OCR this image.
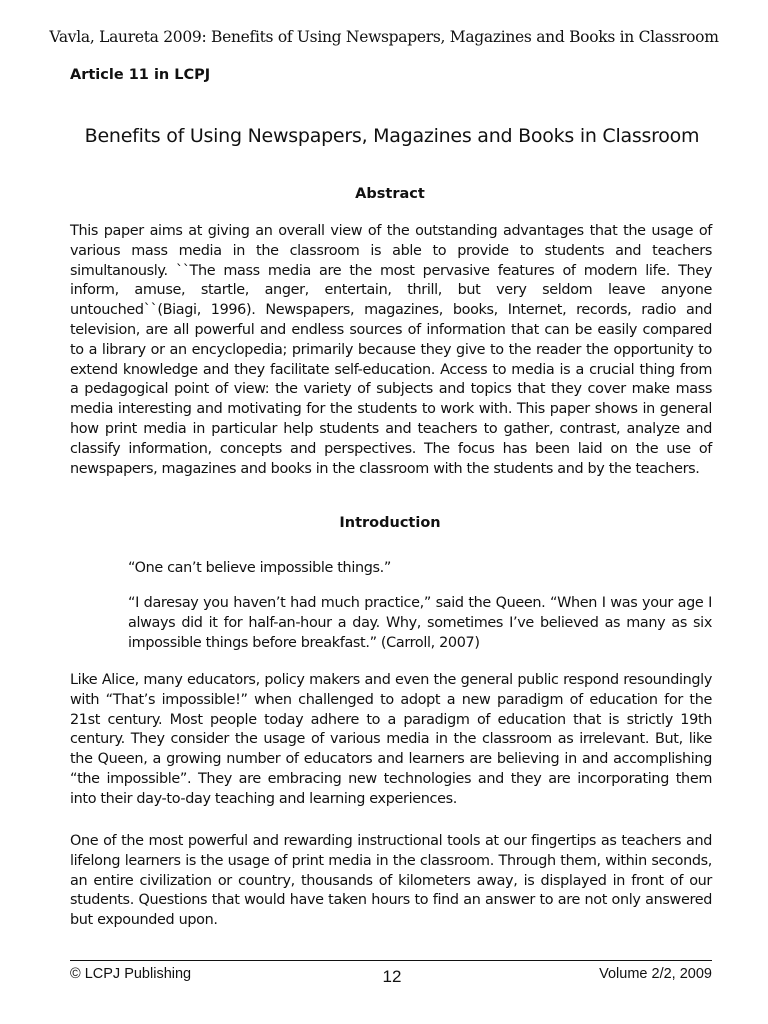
Vavla, Laureta 2009: Benefits of Using Newspapers, Magazines and Books in Classroom
Article 11 in LCPJ
Benefits of Using Newspapers, Magazines and Books in Classroom
Abstract

This paper aims at giving an overall view of the outstanding advantages that the usage of various mass media in the classroom is able to provide to students and teachers simultanously. ``The mass media are the most pervasive features of modern life. They inform, amuse, startle, anger, entertain, thrill, but very seldom leave anyone untouched``(Biagi, 1996). Newspapers, magazines, books, Internet, records, radio and television, are all powerful and endless sources of information that can be easily compared to a library or an encyclopedia; primarily because they give to the reader the opportunity to extend knowledge and they facilitate self-education. Access to media is a crucial thing from a pedagogical point of view: the variety of subjects and topics that they cover make mass media interesting and motivating for the students to work with. This paper shows in general how print media in particular help students and teachers to gather, contrast, analyze and classify information, concepts and perspectives. The focus has been laid on the use of newspapers, magazines and books in the classroom with the students and by the teachers.

Introduction

“One can’t believe impossible things.”

“I daresay you haven’t had much practice,” said the Queen. “When I was your age I always did it for half-an-hour a day. Why, sometimes I’ve believed as many as six impossible things before breakfast.” (Carroll, 2007)

Like Alice, many educators, policy makers and even the general public respond resoundingly with “That’s impossible!” when challenged to adopt a new paradigm of education for the 21st century. Most people today adhere to a paradigm of education that is strictly 19th century. They consider the usage of various media in the classroom as irrelevant. But, like the Queen, a growing number of educators and learners are believing in and accomplishing “the impossible”. They are embracing new technologies and they are incorporating them into their day-to-day teaching and learning experiences.

One of the most powerful and rewarding instructional tools at our fingertips as teachers and lifelong learners is the usage of print media in the classroom. Through them, within seconds, an entire civilization or country, thousands of kilometers away, is displayed in front of our students. Questions that would have taken hours to find an answer to are not only answered but expounded upon.

© LCPJ Publishing	12	Volume 2/2, 2009
